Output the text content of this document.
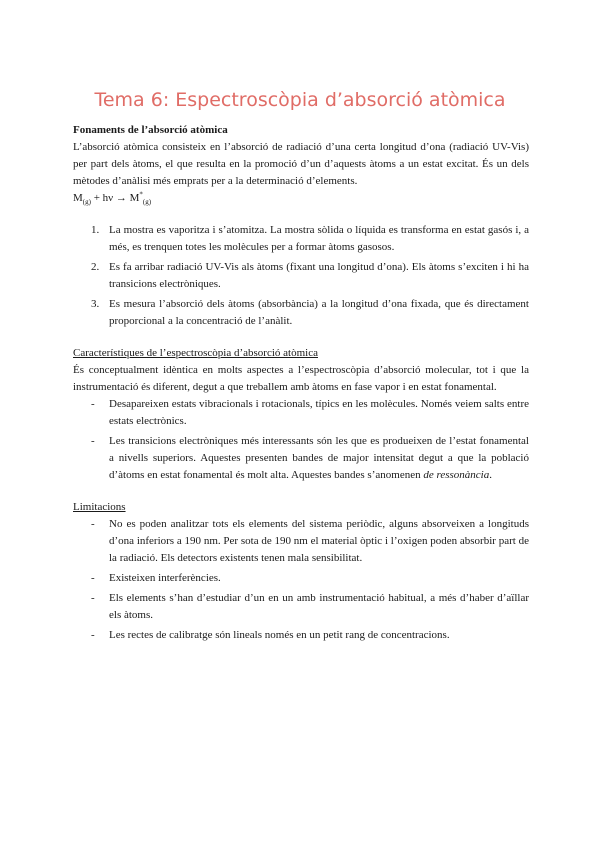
Tema 6: Espectroscòpia d’absorció atòmica

Fonaments de l’absorció atòmica

L’absorció atòmica consisteix en l’absorció de radiació d’una certa longitud d’ona (radiació UV-Vis) per part dels àtoms, el que resulta en la promoció d’un d’aquests àtoms a un estat excitat. És un dels mètodes d’anàlisi més emprats per a la determinació d’elements.

$M_{(g)} + h\nu \to M^*_{(g)}$

1. La mostra es vaporitza i s’atomitza. La mostra sòlida o líquida es transforma en estat gasós i, a més, es trenquen totes les molècules per a formar àtoms gasosos.
2. Es fa arribar radiació UV-Vis als àtoms (fixant una longitud d’ona). Els àtoms s’exciten i hi ha transicions electròniques.
3. Es mesura l’absorció dels àtoms (absorbància) a la longitud d’ona fixada, que és directament proporcional a la concentració de l’anàlit.

Característiques de l’espectroscòpia d’absorció atòmica

És conceptualment idèntica en molts aspectes a l’espectroscòpia d’absorció molecular, tot i que la instrumentació és diferent, degut a que treballem amb àtoms en fase vapor i en estat fonamental.

- Desapareixen estats vibracionals i rotacionals, típics en les molècules. Només veiem salts entre estats electrònics.
- Les transicions electròniques més interessants són les que es produeixen de l’estat fonamental a nivells superiors. Aquestes presenten bandes de major intensitat degut a que la població d’àtoms en estat fonamental és molt alta. Aquestes bandes s’anomenen de ressonància.

Limitacions

- No es poden analitzar tots els elements del sistema periòdic, alguns absorveixen a longituds d’ona inferiors a 190 nm. Per sota de 190 nm el material òptic i l’oxigen poden absorbir part de la radiació. Els detectors existents tenen mala sensibilitat.
- Existeixen interferències.
- Els elements s’han d’estudiar d’un en un amb instrumentació habitual, a més d’haber d’aïllar els àtoms.
- Les rectes de calibratge són lineals només en un petit rang de concentracions.
